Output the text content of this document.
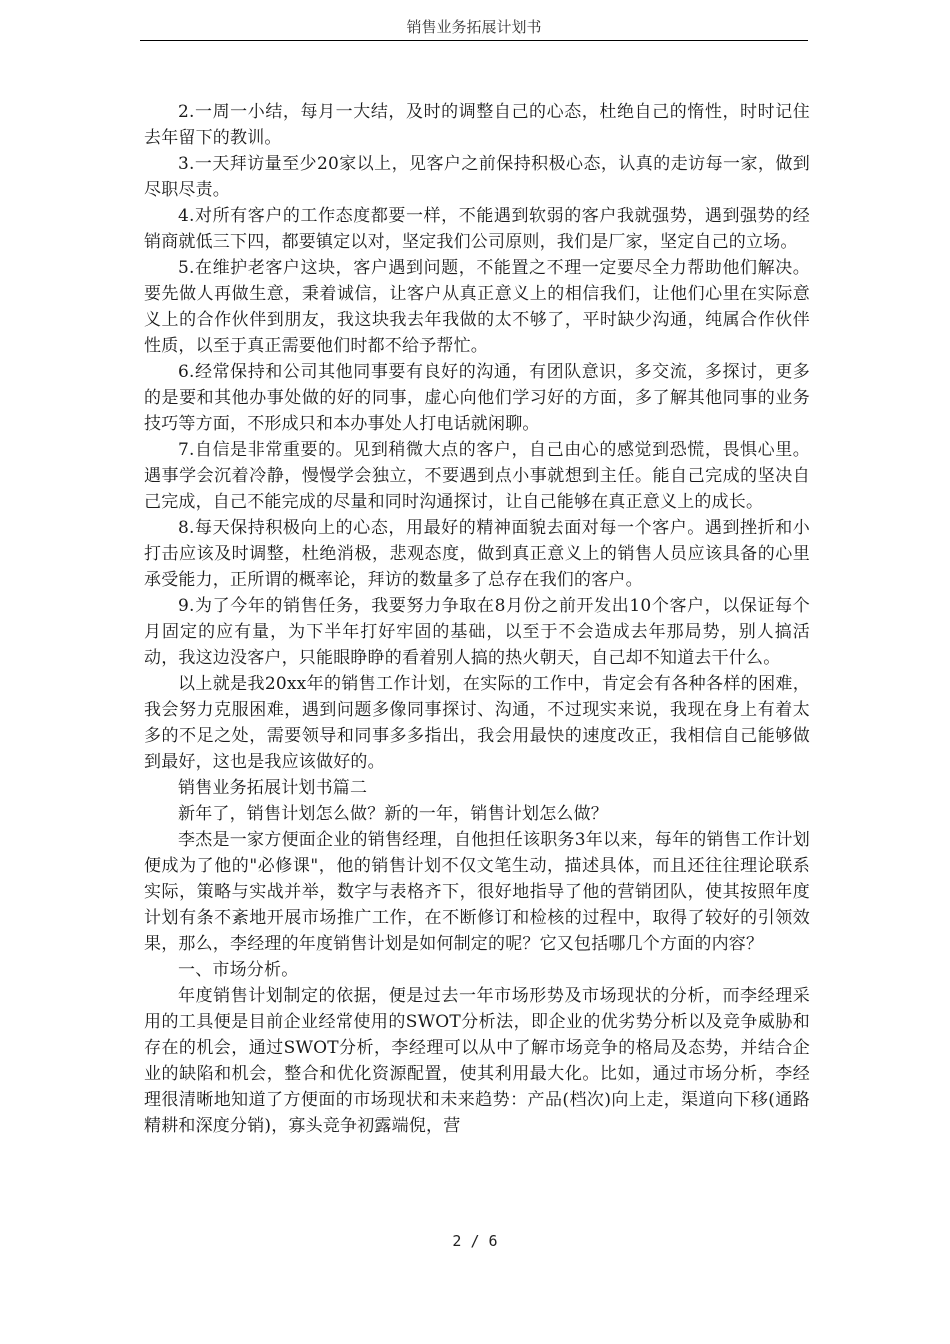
销售业务拓展计划书

2.一周一小结，每月一大结，及时的调整自己的心态，杜绝自己的惰性，时时记住去年留下的教训。

3.一天拜访量至少20家以上，见客户之前保持积极心态，认真的走访每一家，做到尽职尽责。

4.对所有客户的工作态度都要一样，不能遇到软弱的客户我就强势，遇到强势的经销商就低三下四，都要镇定以对，坚定我们公司原则，我们是厂家，坚定自己的立场。

5.在维护老客户这块，客户遇到问题，不能置之不理一定要尽全力帮助他们解决。要先做人再做生意，秉着诚信，让客户从真正意义上的相信我们，让他们心里在实际意义上的合作伙伴到朋友，我这块我去年我做的太不够了，平时缺少沟通，纯属合作伙伴性质，以至于真正需要他们时都不给予帮忙。

6.经常保持和公司其他同事要有良好的沟通，有团队意识，多交流，多探讨，更多的是要和其他办事处做的好的同事，虚心向他们学习好的方面，多了解其他同事的业务技巧等方面，不形成只和本办事处人打电话就闲聊。

7.自信是非常重要的。见到稍微大点的客户，自己由心的感觉到恐慌，畏惧心里。遇事学会沉着冷静，慢慢学会独立，不要遇到点小事就想到主任。能自己完成的坚决自己完成，自己不能完成的尽量和同时沟通探讨，让自己能够在真正意义上的成长。

8.每天保持积极向上的心态，用最好的精神面貌去面对每一个客户。遇到挫折和小打击应该及时调整，杜绝消极，悲观态度，做到真正意义上的销售人员应该具备的心里承受能力，正所谓的概率论，拜访的数量多了总存在我们的客户。

9.为了今年的销售任务，我要努力争取在8月份之前开发出10个客户，以保证每个月固定的应有量，为下半年打好牢固的基础，以至于不会造成去年那局势，别人搞活动，我这边没客户，只能眼睁睁的看着别人搞的热火朝天，自己却不知道去干什么。

以上就是我20xx年的销售工作计划，在实际的工作中，肯定会有各种各样的困难，我会努力克服困难，遇到问题多像同事探讨、沟通，不过现实来说，我现在身上有着太多的不足之处，需要领导和同事多多指出，我会用最快的速度改正，我相信自己能够做到最好，这也是我应该做好的。

销售业务拓展计划书篇二

新年了，销售计划怎么做？新的一年，销售计划怎么做？

李杰是一家方便面企业的销售经理，自他担任该职务3年以来，每年的销售工作计划便成为了他的"必修课"，他的销售计划不仅文笔生动，描述具体，而且还往往理论联系实际，策略与实战并举，数字与表格齐下，很好地指导了他的营销团队，使其按照年度计划有条不紊地开展市场推广工作，在不断修订和检核的过程中，取得了较好的引领效果，那么，李经理的年度销售计划是如何制定的呢？它又包括哪几个方面的内容？

一、市场分析。

年度销售计划制定的依据，便是过去一年市场形势及市场现状的分析，而李经理采用的工具便是目前企业经常使用的SWOT分析法，即企业的优劣势分析以及竞争威胁和存在的机会，通过SWOT分析，李经理可以从中了解市场竞争的格局及态势，并结合企业的缺陷和机会，整合和优化资源配置，使其利用最大化。比如，通过市场分析，李经理很清晰地知道了方便面的市场现状和未来趋势：产品(档次)向上走，渠道向下移(通路精耕和深度分销)，寡头竞争初露端倪，营

2 / 6
